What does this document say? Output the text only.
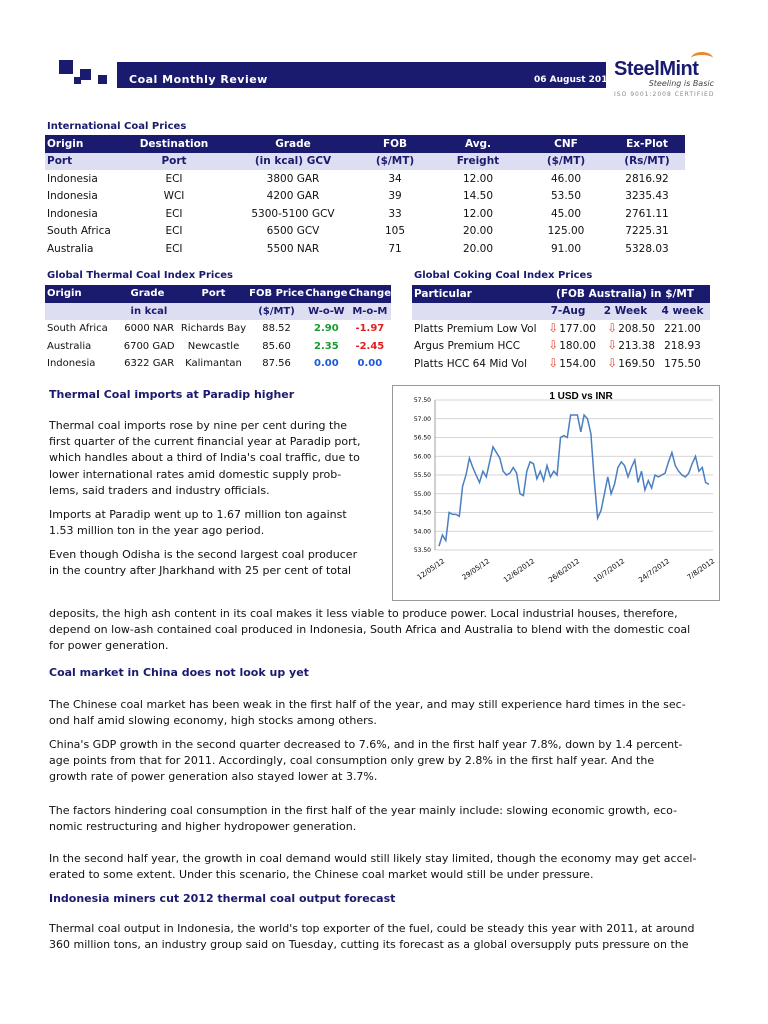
Coal Monthly Review	06 August 2012 SteelMint
Steeling is Basic
ISO 9001:2008 CERTIFIED
International Coal Prices
Origin	Destination	Grade	FOB	Avg.	CNF	Ex-Plot
Port	Port	(in kcal) GCV	($/MT)	Freight	($/MT)	(Rs/MT)
Indonesia	ECI	3800 GAR	34	12.00	46.00	2816.92
Indonesia	WCI	4200 GAR	39	14.50	53.50	3235.43
Indonesia	ECI	5300-5100 GCV	33	12.00	45.00	2761.11
South Africa	ECI	6500 GCV	105	20.00	125.00	7225.31
Australia	ECI	5500 NAR	71	20.00	91.00	5328.03
Global Thermal Coal Index Prices
Origin	Grade	Port	FOB Price	Change	Change
	in kcal		($/MT)	W-o-W	M-o-M
South Africa	6000 NAR	Richards Bay	88.52	2.90	-1.97
Australia	6700 GAD	Newcastle	85.60	2.35	-2.45
Indonesia	6322 GAR	Kalimantan	87.56	0.00	0.00
Global Coking Coal Index Prices
Particular	(FOB Australia) in $/MT		
	7-Aug	2 Week	4 week
Platts Premium Low Vol	⇩177.00	⇩208.50	221.00
Argus Premium HCC	⇩180.00	⇩213.38	218.93
Platts HCC 64 Mid Vol	⇩154.00	⇩169.50	175.50
Thermal Coal imports at Paradip higher
Thermal coal imports rose by nine per cent during the
first quarter of the current financial year at Paradip port,
which handles about a third of India's coal traffic, due to
lower international rates amid domestic supply prob-
lems, said traders and industry officials.
Imports at Paradip went up to 1.67 million ton against
1.53 million ton in the year ago period.
Even though Odisha is the second largest coal producer
in the country after Jharkhand with 25 per cent of total
deposits, the high ash content in its coal makes it less viable to produce power. Local industrial houses, therefore,
depend on low-ash contained coal produced in Indonesia, South Africa and Australia to blend with the domestic coal
for power generation.
1 USD vs INR
57.50
57.00
56.50
56.00
55.50
55.00
54.50
54.00
53.50
12/05/12 29/05/12 12/6/2012 26/6/2012 10/7/2012 24/7/2012 7/8/2012
Coal market in China does not look up yet
The Chinese coal market has been weak in the first half of the year, and may still experience hard times in the sec-
ond half amid slowing economy, high stocks among others.
China's GDP growth in the second quarter decreased to 7.6%, and in the first half year 7.8%, down by 1.4 percent-
age points from that for 2011. Accordingly, coal consumption only grew by 2.8% in the first half year. And the
growth rate of power generation also stayed lower at 3.7%.
The factors hindering coal consumption in the first half of the year mainly include: slowing economic growth, eco-
nomic restructuring and higher hydropower generation.
In the second half year, the growth in coal demand would still likely stay limited, though the economy may get accel-
erated to some extent. Under this scenario, the Chinese coal market would still be under pressure.
Indonesia miners cut 2012 thermal coal output forecast
Thermal coal output in Indonesia, the world's top exporter of the fuel, could be steady this year with 2011, at around
360 million tons, an industry group said on Tuesday, cutting its forecast as a global oversupply puts pressure on the
